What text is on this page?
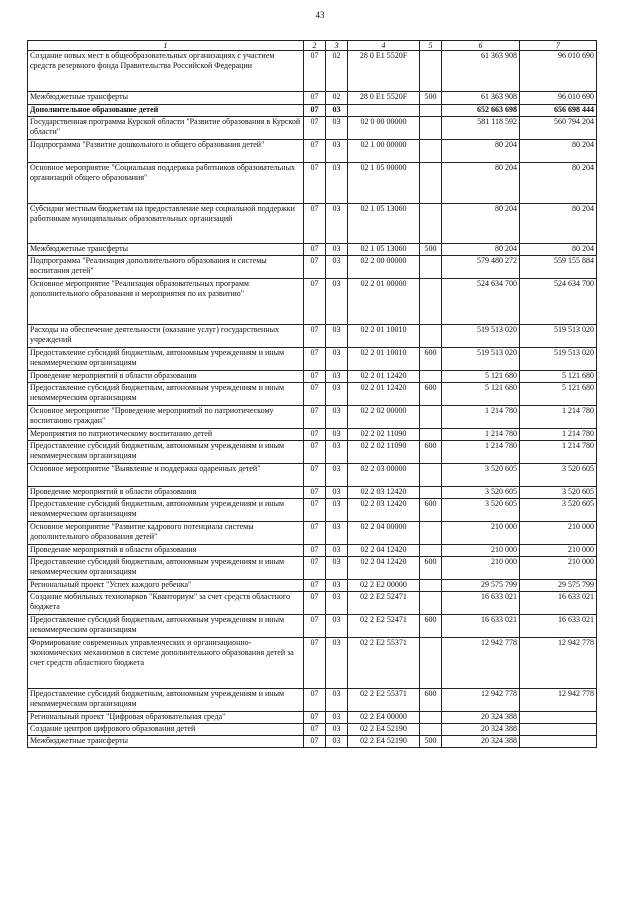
43
1	2	3	4	5	6	7
Создание новых мест в общеобразовательных организациях с участием средств резервного фонда Правительства Российской Федерации	07	02	28 0 E1 5520F		61 363 908	96 010 690
Межбюджетные трансферты	07	02	28 0 E1 5520F	500	61 363 908	96 010 690
Дополнительное образование детей	07	03			652 663 698	656 698 444
Государственная программа Курской области "Развитие образования в Курской области"	07	03	02 0 00 00000		581 118 592	560 794 204
Подпрограмма "Развитие дошкольного и общего образования детей"	07	03	02 1 00 00000		80 204	80 204
Основное мероприятие "Социальная поддержка работников образовательных организаций общего образования"	07	03	02 1 05 00000		80 204	80 204
Субсидии местным бюджетам на предоставление мер социальной поддержки работникам муниципальных образовательных организаций	07	03	02 1 05 13060		80 204	80 204
Межбюджетные трансферты	07	03	02 1 05 13060	500	80 204	80 204
Подпрограмма "Реализация дополнительного образования и системы воспитания детей"	07	03	02 2 00 00000		579 480 272	559 155 884
Основное мероприятие "Реализация образовательных программ дополнительного образования и мероприятия по их развитию"	07	03	02 2 01 00000		524 634 700	524 634 700
Расходы на обеспечение деятельности (оказание услуг) государственных учреждений	07	03	02 2 01 10010		519 513 020	519 513 020
Предоставление субсидий бюджетным, автономным учреждениям и иным некоммерческим организациям	07	03	02 2 01 10010	600	519 513 020	519 513 020
Проведение мероприятий в области образования	07	03	02 2 01 12420		5 121 680	5 121 680
Предоставление субсидий бюджетным, автономным учреждениям и иным некоммерческим организациям	07	03	02 2 01 12420	600	5 121 680	5 121 680
Основное мероприятие "Проведение мероприятий по патриотическому воспитанию граждан"	07	03	02 2 02 00000		1 214 780	1 214 780
Мероприятия по патриотическому воспитанию детей	07	03	02 2 02 11090		1 214 780	1 214 780
Предоставление субсидий бюджетным, автономным учреждениям и иным некоммерческим организациям	07	03	02 2 02 11090	600	1 214 780	1 214 780
Основное мероприятие "Выявление и поддержка одаренных детей"	07	03	02 2 03 00000		3 520 605	3 520 605
Проведение мероприятий в области образования	07	03	02 2 03 12420		3 520 605	3 520 605
Предоставление субсидий бюджетным, автономным учреждениям и иным некоммерческим организациям	07	03	02 2 03 12420	600	3 520 605	3 520 605
Основное мероприятие "Развитие кадрового потенциала системы дополнительного образования детей"	07	03	02 2 04 00000		210 000	210 000
Проведение мероприятий в области образования	07	03	02 2 04 12420		210 000	210 000
Предоставление субсидий бюджетным, автономным учреждениям и иным некоммерческим организациям	07	03	02 2 04 12420	600	210 000	210 000
Региональный проект "Успех каждого ребенка"	07	03	02 2 E2 00000		29 575 799	29 575 799
Создание мобильных технопарков "Кванториум" за счет средств областного бюджета	07	03	02 2 E2 52471		16 633 021	16 633 021
Предоставление субсидий бюджетным, автономным учреждениям и иным некоммерческим организациям	07	03	02 2 E2 52471	600	16 633 021	16 633 021
Формирование современных управленческих и организационно-экономических механизмов в системе дополнительного образования детей за счет средств областного бюджета	07	03	02 2 E2 55371		12 942 778	12 942 778
Предоставление субсидий бюджетным, автономным учреждениям и иным некоммерческим организациям	07	03	02 2 E2 55371	600	12 942 778	12 942 778
Региональный проект "Цифровая образовательная среда"	07	03	02 2 E4 00000		20 324 388	
Создание центров цифрового образования детей	07	03	02 2 E4 52190		20 324 388	
Межбюджетные трансферты	07	03	02 2 E4 52190	500	20 324 388	
